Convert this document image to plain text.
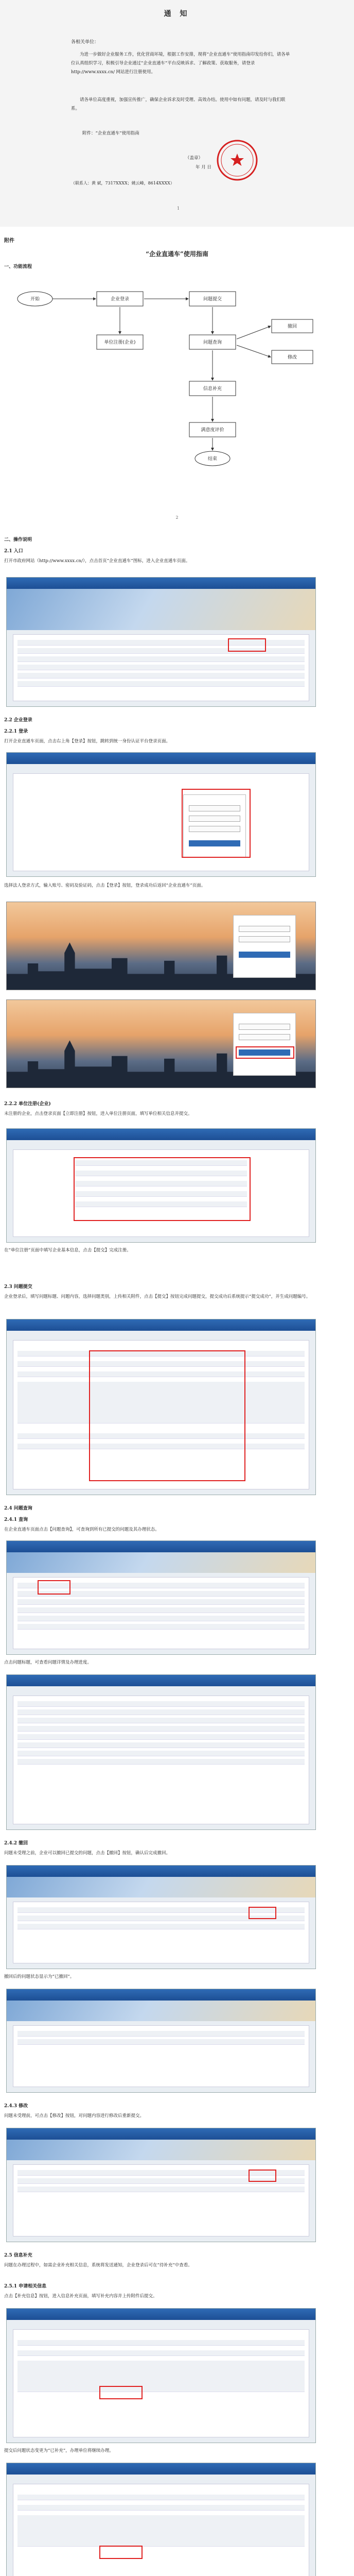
通 知
各相关单位：

为进一步做好企业服务工作，优化营商环境，根据工作安排，现将“企业直通车”使用指南印发给你们，请各单位认真组织学习，积极引导企业通过“企业直通车”平台反映诉求、了解政策、获取服务，请登录 http://www.xxxx.cn/ 网站进行注册使用。

请各单位高度重视，加强宣传推广，确保企业诉求及时受理、高效办结。使用中如有问题，请及时与我们联系。

附件：“企业直通车”使用指南
（盖章）
年 月 日
（联系人：黄 斌，7317XXXX；姚云峰，8614XXXX）
1
附件
“企业直通车”使用指南
一、功能流程
开始	企业登录	问题提交
单位注册(企业)	问题查询
撤回
修改
信息补充
满意度评价
结束
2
二、操作说明
2.1 入口
打开市政府网站（http://www.xxxx.cn/），点击首页“企业直通车”图标，进入企业直通车页面。
2.2 企业登录
2.2.1 登录
打开企业直通车页面，点击右上角【登录】按钮，跳转到统一身份认证平台登录页面。
选择法人登录方式，输入账号、密码及验证码，点击【登录】按钮，登录成功后返回“企业直通车”页面。
2.2.2 单位注册(企业)
未注册的企业，点击登录页面【立即注册】按钮，进入单位注册页面，填写单位相关信息并提交。
在“单位注册”页面中填写企业基本信息，点击【提交】完成注册。
2.3 问题提交
企业登录后，填写问题标题、问题内容，选择问题类别，上传相关附件，点击【提交】按钮完成问题提交，提交成功后系统提示“提交成功”，并生成问题编号。
2.4 问题查询
2.4.1 查询
在企业直通车页面点击【问题查询】，可查询到所有已提交的问题及其办理状态。
点击问题标题，可查看问题详情及办理进度。
2.4.2 撤回
问题未受理之前，企业可以撤回已提交的问题，点击【撤回】按钮，确认后完成撤回。
撤回后的问题状态显示为“已撤回”。
2.4.3 修改
问题未受理前，可点击【修改】按钮，对问题内容进行修改后重新提交。
2.5 信息补充
问题在办理过程中，如需企业补充相关信息，系统将发送通知，企业登录后可在“待补充”中查看。
2.5.1 申请相关信息
点击【补充信息】按钮，进入信息补充页面，填写补充内容并上传附件后提交。
提交后问题状态变更为“已补充”，办理单位将继续办理。
